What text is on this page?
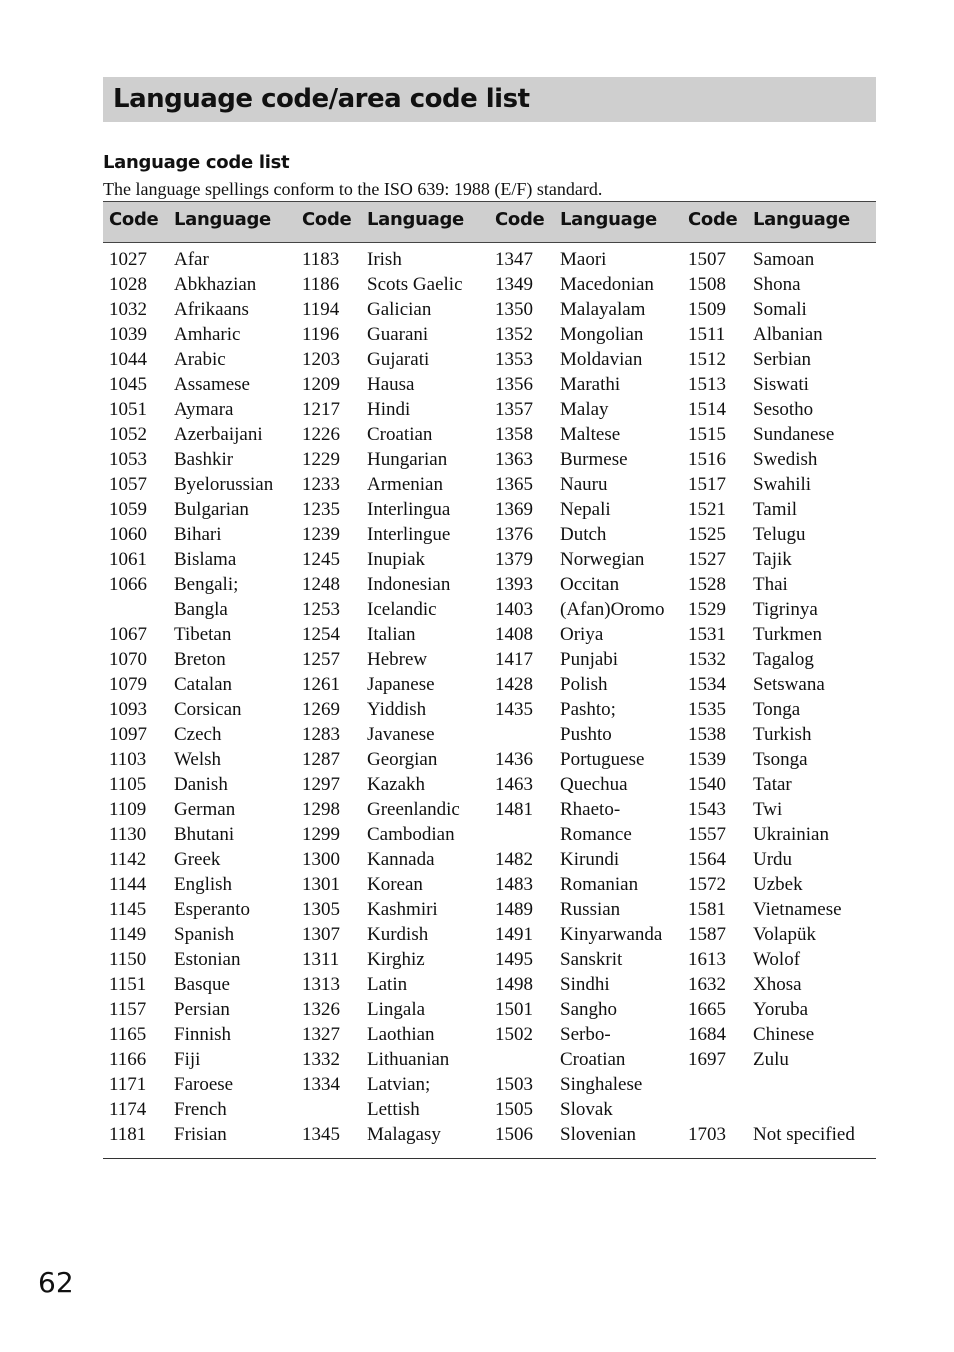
Language code/area code list
Language code list
The language spellings conform to the ISO 639: 1988 (E/F) standard.
Code Language Code Language Code Language Code Language
1027 Afar	1183 Irish	1347 Maori	1507 Samoan
1028 Abkhazian 1186 Scots Gaelic 1349 Macedonian 1508 Shona
1032 Afrikaans	1194 Galician	1350 Malayalam 1509 Somali
1039 Amharic	1196 Guarani	1352 Mongolian 1511 Albanian
1044 Arabic	1203 Gujarati	1353 Moldavian 1512 Serbian
1045 Assamese	1209 Hausa	1356 Marathi	1513 Siswati
1051 Aymara	1217 Hindi	1357 Malay	1514 Sesotho
1052 Azerbaijani 1226 Croatian	1358 Maltese	1515 Sundanese
1053 Bashkir	1229 Hungarian	1363 Burmese	1516 Swedish
1057 Byelorussian 1233 Armenian	1365 Nauru	1517 Swahili
1059 Bulgarian	1235 Interlingua 1369 Nepali	1521 Tamil
1060 Bihari	1239 Interlingue 1376 Dutch	1525 Telugu
1061 Bislama	1245 Inupiak	1379 Norwegian 1527 Tajik
1066 Bengali;	1248 Indonesian 1393 Occitan	1528 Thai
Bangla	1253 Icelandic	1403 (Afan)Oromo 1529 Tigrinya
1067 Tibetan	1254 Italian	1408 Oriya	1531 Turkmen
1070 Breton	1257 Hebrew	1417 Punjabi	1532 Tagalog
1079 Catalan	1261 Japanese	1428 Polish	1534 Setswana
1093 Corsican	1269 Yiddish	1435 Pashto;	1535 Tonga
1097 Czech	1283 Javanese	Pushto	1538 Turkish
1103 Welsh	1287 Georgian	1436 Portuguese 1539 Tsonga
1105 Danish	1297 Kazakh	1463 Quechua	1540 Tatar
1109 German	1298 Greenlandic 1481 Rhaeto-	1543 Twi
1130 Bhutani	1299 Cambodian	Romance	1557 Ukrainian
1142 Greek	1300 Kannada	1482 Kirundi	1564 Urdu
1144 English	1301 Korean	1483 Romanian	1572 Uzbek
1145 Esperanto	1305 Kashmiri	1489 Russian	1581 Vietnamese
1149 Spanish	1307 Kurdish	1491 Kinyarwanda 1587 Volapük
1150 Estonian	1311 Kirghiz	1495 Sanskrit	1613 Wolof
1151 Basque	1313 Latin	1498 Sindhi	1632 Xhosa
1157 Persian	1326 Lingala	1501 Sangho	1665 Yoruba
1165 Finnish	1327 Laothian	1502 Serbo-	1684 Chinese
1166 Fiji	1332 Lithuanian	Croatian	1697 Zulu
1171 Faroese	1334 Latvian;	1503 Singhalese
1174 French	Lettish	1505 Slovak
1181 Frisian	1345 Malagasy	1506 Slovenian	1703 Not specified
62
